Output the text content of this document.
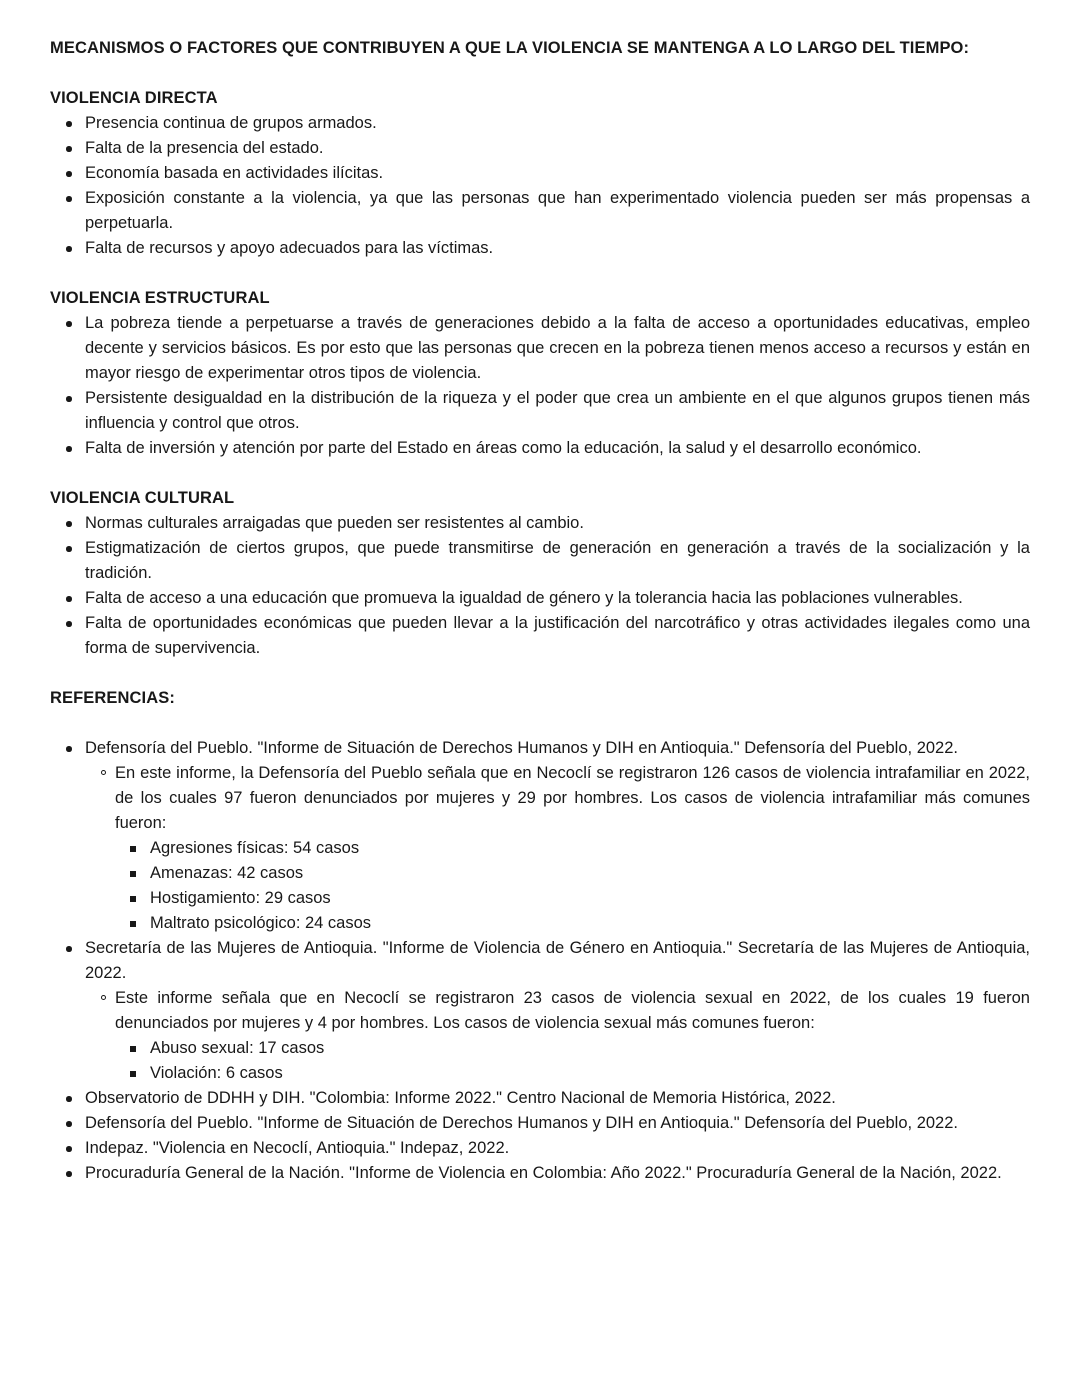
MECANISMOS O FACTORES QUE CONTRIBUYEN A QUE LA VIOLENCIA SE MANTENGA A LO LARGO DEL TIEMPO:
VIOLENCIA DIRECTA
Presencia continua de grupos armados.
Falta de la presencia del estado.
Economía basada en actividades ilícitas.
Exposición constante a la violencia, ya que las personas que han experimentado violencia pueden ser más propensas a perpetuarla.
Falta de recursos y apoyo adecuados para las víctimas.
VIOLENCIA ESTRUCTURAL
La pobreza tiende a perpetuarse a través de generaciones debido a la falta de acceso a oportunidades educativas, empleo decente y servicios básicos. Es por esto que las personas que crecen en la pobreza tienen menos acceso a recursos y están en mayor riesgo de experimentar otros tipos de violencia.
Persistente desigualdad en la distribución de la riqueza y el poder que crea un ambiente en el que algunos grupos tienen más influencia y control que otros.
Falta de inversión y atención por parte del Estado en áreas como la educación, la salud y el desarrollo económico.
VIOLENCIA CULTURAL
Normas culturales arraigadas que pueden ser resistentes al cambio.
Estigmatización de ciertos grupos, que puede transmitirse de generación en generación a través de la socialización y la tradición.
Falta de acceso a una educación que promueva la igualdad de género y la tolerancia hacia las poblaciones vulnerables.
Falta de oportunidades económicas que pueden llevar a la justificación del narcotráfico y otras actividades ilegales como una forma de supervivencia.
REFERENCIAS:
Defensoría del Pueblo. "Informe de Situación de Derechos Humanos y DIH en Antioquia." Defensoría del Pueblo, 2022.
En este informe, la Defensoría del Pueblo señala que en Necoclí se registraron 126 casos de violencia intrafamiliar en 2022, de los cuales 97 fueron denunciados por mujeres y 29 por hombres. Los casos de violencia intrafamiliar más comunes fueron:
Agresiones físicas: 54 casos
Amenazas: 42 casos
Hostigamiento: 29 casos
Maltrato psicológico: 24 casos
Secretaría de las Mujeres de Antioquia. "Informe de Violencia de Género en Antioquia." Secretaría de las Mujeres de Antioquia, 2022.
Este informe señala que en Necoclí se registraron 23 casos de violencia sexual en 2022, de los cuales 19 fueron denunciados por mujeres y 4 por hombres. Los casos de violencia sexual más comunes fueron:
Abuso sexual: 17 casos
Violación: 6 casos
Observatorio de DDHH y DIH. "Colombia: Informe 2022." Centro Nacional de Memoria Histórica, 2022.
Defensoría del Pueblo. "Informe de Situación de Derechos Humanos y DIH en Antioquia." Defensoría del Pueblo, 2022.
Indepaz. "Violencia en Necoclí, Antioquia." Indepaz, 2022.
Procuraduría General de la Nación. "Informe de Violencia en Colombia: Año 2022." Procuraduría General de la Nación, 2022.
